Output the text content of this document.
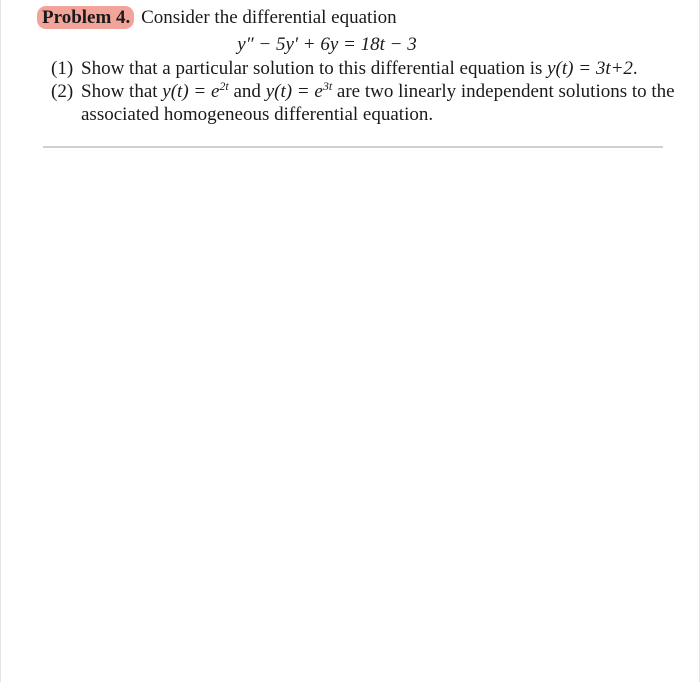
Problem 4. Consider the differential equation
y″ − 5y′ + 6y = 18t − 3
(1) Show that a particular solution to this differential equation is y(t) = 3t+2.
(2) Show that $y(t) = e^{2t}$ and $y(t) = e^{3t}$ are two linearly independent solutions to the associated homogeneous differential equation.
